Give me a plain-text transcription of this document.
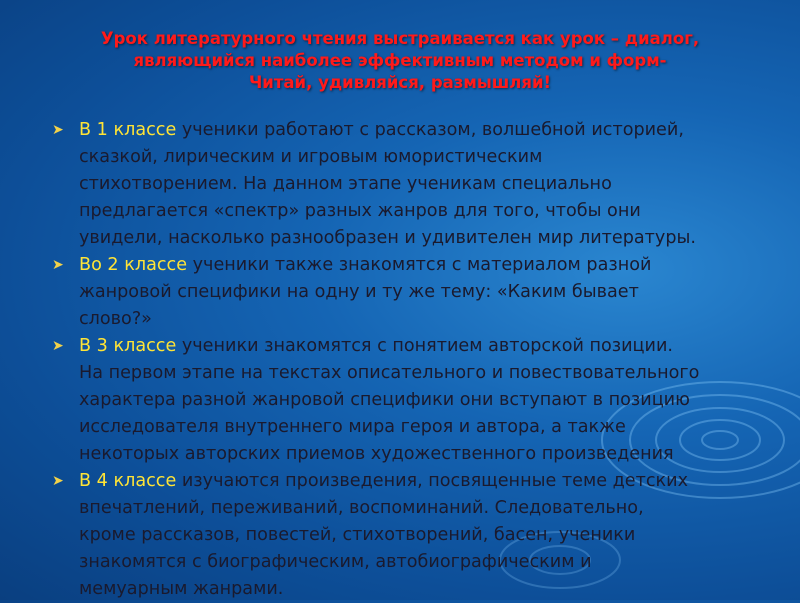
Урок литературного чтения выстраивается как урок – диалог,
являющийся наиболее эффективным методом и форм-
Читай, удивляйся, размышляй!
➤ В 1 классе ученики работают с рассказом, волшебной историей,
сказкой, лирическим и игровым юмористическим
стихотворением. На данном этапе ученикам специально
предлагается «спектр» разных жанров для того, чтобы они
увидели, насколько разнообразен и удивителен мир литературы.
➤ Во 2 классе ученики также знакомятся с материалом разной
жанровой специфики на одну и ту же тему: «Каким бывает
слово?»
➤ В 3 классе ученики знакомятся с понятием авторской позиции.
На первом этапе на текстах описательного и повествовательного
характера разной жанровой специфики они вступают в позицию
исследователя внутреннего мира героя и автора, а также
некоторых авторских приемов художественного произведения
➤ В 4 классе изучаются произведения, посвященные теме детских
впечатлений, переживаний, воспоминаний. Следовательно,
кроме рассказов, повестей, стихотворений, басен, ученики
знакомятся с биографическим, автобиографическим и
мемуарным жанрами.
